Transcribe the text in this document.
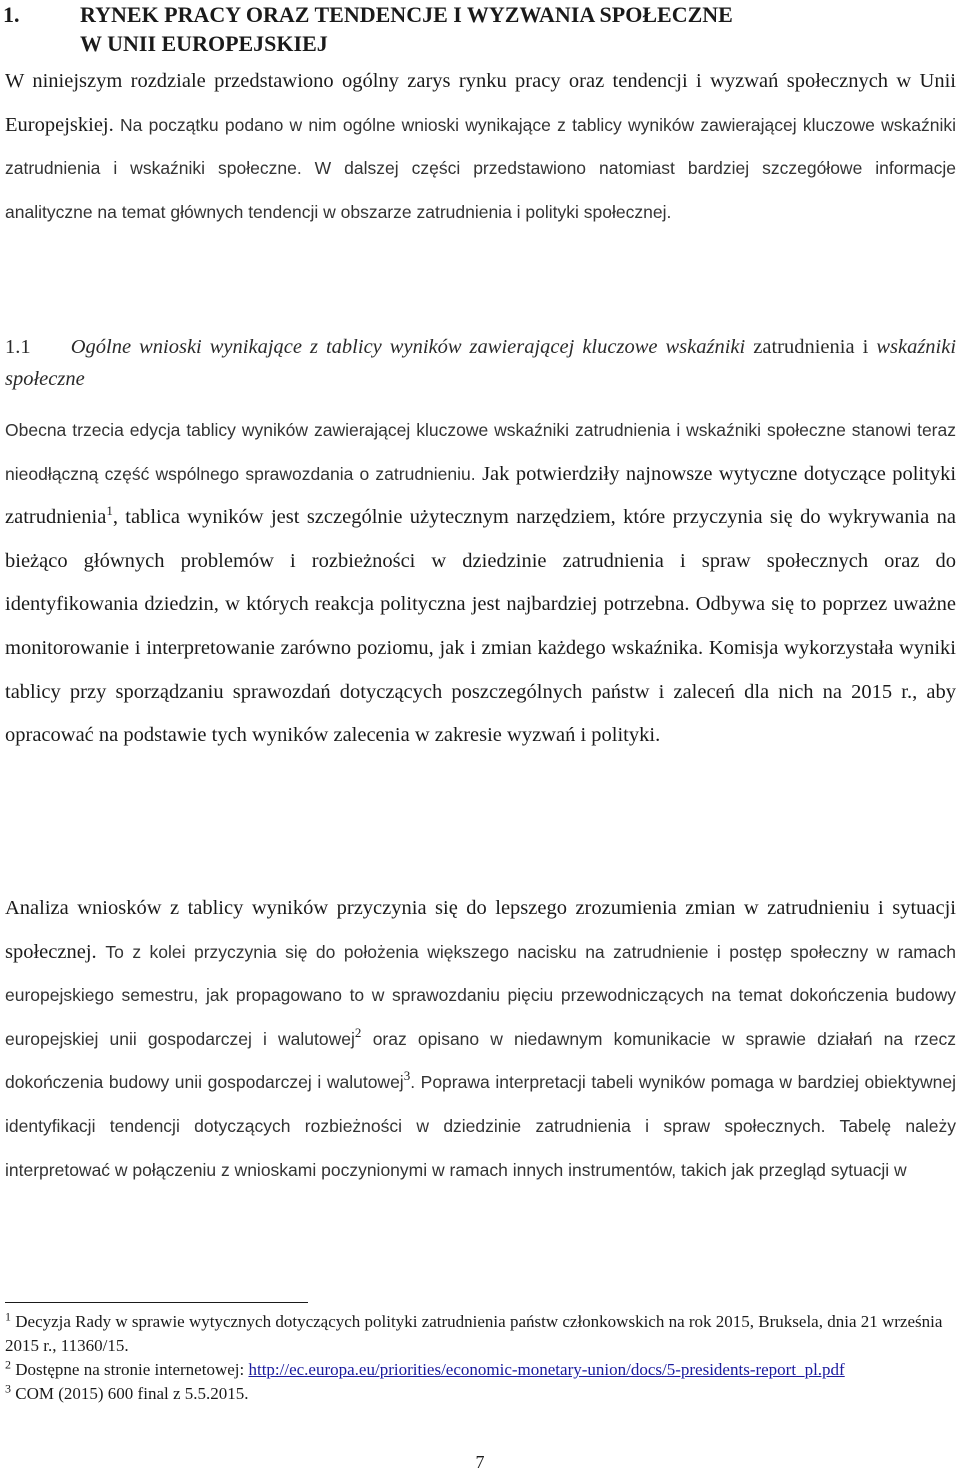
1.	RYNEK PRACY ORAZ TENDENCJE I WYZWANIA SPOŁECZNE
W UNII EUROPEJSKIEJ

W niniejszym rozdziale przedstawiono ogólny zarys rynku pracy oraz tendencji i wyzwań społecznych w Unii Europejskiej. Na początku podano w nim ogólne wnioski wynikające z tablicy wyników zawierającej kluczowe wskaźniki zatrudnienia i wskaźniki społeczne. W dalszej części przedstawiono natomiast bardziej szczegółowe informacje analityczne na temat głównych tendencji w obszarze zatrudnienia i polityki społecznej.

1.1 Ogólne wnioski wynikające z tablicy wyników zawierającej kluczowe wskaźniki zatrudnienia i wskaźniki społeczne

Obecna trzecia edycja tablicy wyników zawierającej kluczowe wskaźniki zatrudnienia i wskaźniki społeczne stanowi teraz nieodłączną część wspólnego sprawozdania o zatrudnieniu. Jak potwierdziły najnowsze wytyczne dotyczące polityki zatrudnienia$^1$, tablica wyników jest szczególnie użytecznym narzędziem, które przyczynia się do wykrywania na bieżąco głównych problemów i rozbieżności w dziedzinie zatrudnienia i spraw społecznych oraz do identyfikowania dziedzin, w których reakcja polityczna jest najbardziej potrzebna. Odbywa się to poprzez uważne monitorowanie i interpretowanie zarówno poziomu, jak i zmian każdego wskaźnika. Komisja wykorzystała wyniki tablicy przy sporządzaniu sprawozdań dotyczących poszczególnych państw i zaleceń dla nich na 2015 r., aby opracować na podstawie tych wyników zalecenia w zakresie wyzwań i polityki.

Analiza wniosków z tablicy wyników przyczynia się do lepszego zrozumienia zmian w zatrudnieniu i sytuacji społecznej. To z kolei przyczynia się do położenia większego nacisku na zatrudnienie i postęp społeczny w ramach europejskiego semestru, jak propagowano to w sprawozdaniu pięciu przewodniczących na temat dokończenia budowy europejskiej unii gospodarczej i walutowej$^2$ oraz opisano w niedawnym komunikacie w sprawie działań na rzecz dokończenia budowy unii gospodarczej i walutowej$^3$. Poprawa interpretacji tabeli wyników pomaga w bardziej obiektywnej identyfikacji tendencji dotyczących rozbieżności w dziedzinie zatrudnienia i spraw społecznych. Tabelę należy interpretować w połączeniu z wnioskami poczynionymi w ramach innych instrumentów, takich jak przegląd sytuacji w

$^1$ Decyzja Rady w sprawie wytycznych dotyczących polityki zatrudnienia państw członkowskich na rok 2015, Bruksela, dnia 21 września 2015 r., 11360/15.

$^2$ Dostępne na stronie internetowej: http://ec.europa.eu/priorities/economic-monetary-union/docs/5-presidents-report_pl.pdf

$^3$ COM (2015) 600 final z 5.5.2015.

7
